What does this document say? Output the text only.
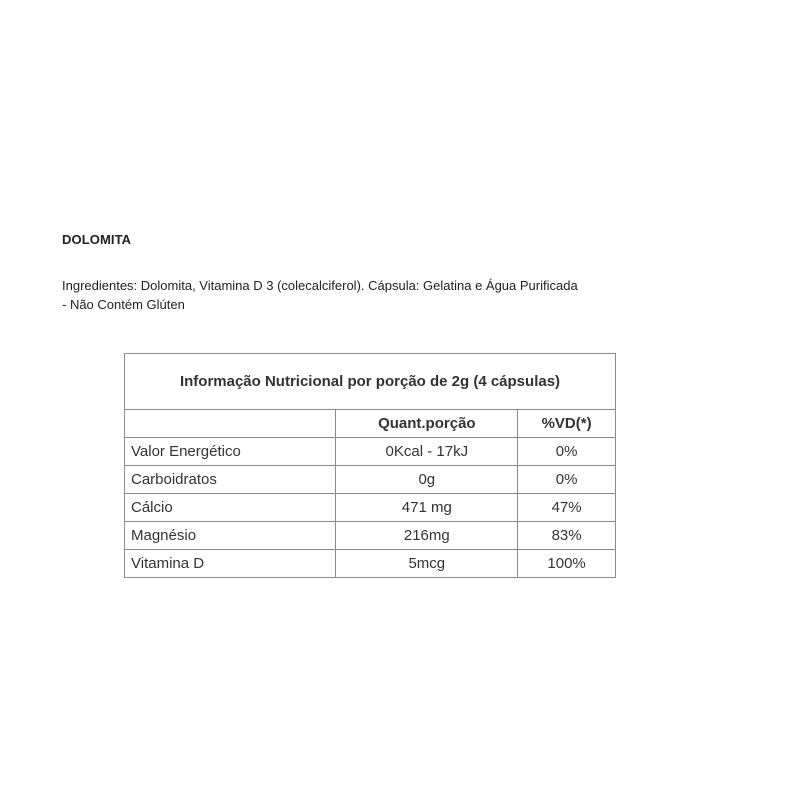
DOLOMITA
Ingredientes: Dolomita, Vitamina D 3 (colecalciferol). Cápsula: Gelatina e Água Purificada
- Não Contém Glúten
Informação Nutricional por porção de 2g (4 cápsulas)		
	Quant.porção	%VD(*)
Valor Energético	0Kcal - 17kJ	0%
Carboidratos	0g	0%
Cálcio	471 mg	47%
Magnésio	216mg	83%
Vitamina D	5mcg	100%
